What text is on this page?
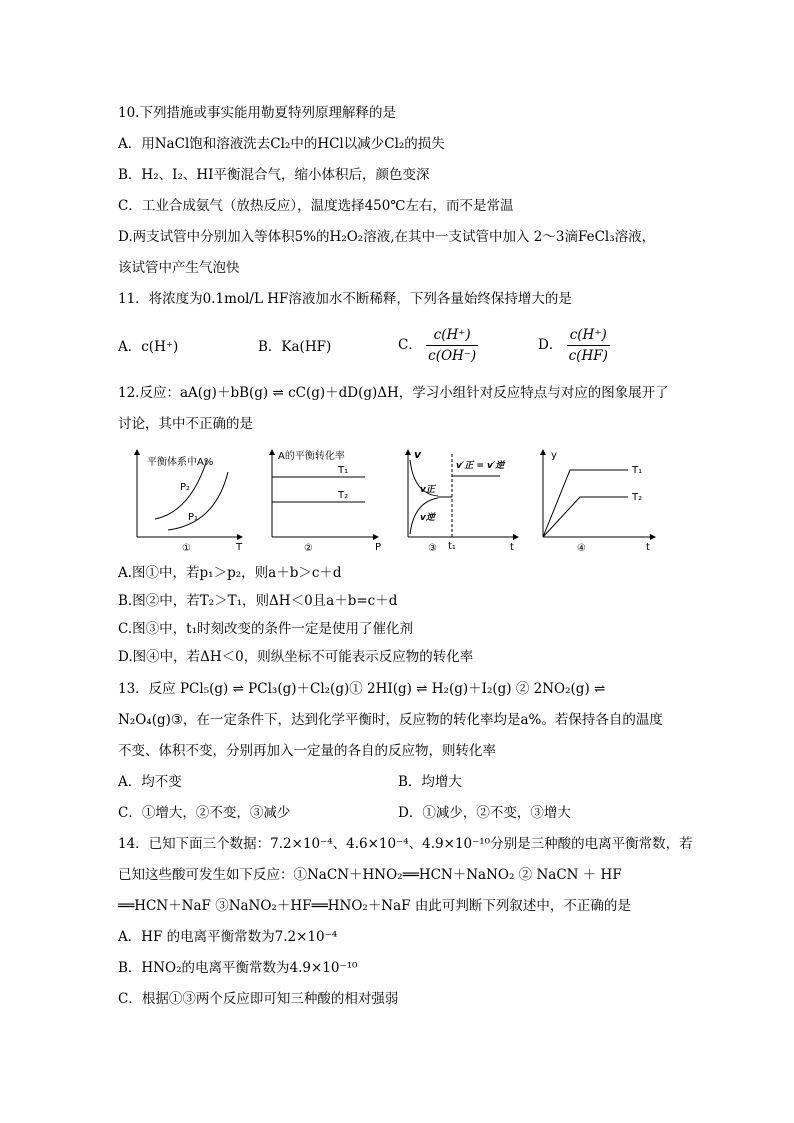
10.下列措施或事实能用勒夏特列原理解释的是
A．用NaCl饱和溶液洗去Cl₂中的HCl以减少Cl₂的损失
B．H₂、I₂、HI平衡混合气，缩小体积后，颜色变深
C．工业合成氨气（放热反应），温度选择450℃左右，而不是常温
D.两支试管中分别加入等体积5%的H₂O₂溶液,在其中一支试管中加入 2～3滴FeCl₃溶液，
该试管中产生气泡快
11．将浓度为0.1mol/L HF溶液加水不断稀释，下列各量始终保持增大的是
A．c(H⁺)	B．Ka(HF)	C． $\frac{c(H^+)}{c(OH^-)}$	D． $\frac{c(H^+)}{c(HF)}$
12.反应：aA(g)＋bB(g) ⇌ cC(g)＋dD(g)ΔH，学习小组针对反应特点与对应的图象展开了
讨论，其中不正确的是
平衡体系中A%
P₂
P₁
T
①
A的平衡转化率
T₁
T₂
P
②
v
v′正 = v′逆
v正
v逆
t₁	t
③
y
T₁
T₂
t
④
A.图①中，若p₁＞p₂，则a＋b＞c＋d
B.图②中，若T₂＞T₁，则ΔH＜0且a＋b=c＋d
C.图③中，t₁时刻改变的条件一定是使用了催化剂
D.图④中，若ΔH＜0，则纵坐标不可能表示反应物的转化率
13．反应 PCl₅(g) ⇌ PCl₃(g)＋Cl₂(g)① 2HI(g) ⇌ H₂(g)＋I₂(g) ② 2NO₂(g) ⇌
N₂O₄(g)③，在一定条件下，达到化学平衡时，反应物的转化率均是a%。若保持各自的温度
不变、体积不变，分别再加入一定量的各自的反应物，则转化率
A．均不变	B．均增大
C．①增大，②不变，③减少	D．①减少，②不变，③增大
14．已知下面三个数据：7.2×10⁻⁴、4.6×10⁻⁴、4.9×10⁻¹⁰分别是三种酸的电离平衡常数，若
已知这些酸可发生如下反应：①NaCN＋HNO₂══HCN＋NaNO₂ ② NaCN ＋ HF
══HCN＋NaF ③NaNO₂＋HF══HNO₂＋NaF 由此可判断下列叙述中，不正确的是
A．HF 的电离平衡常数为7.2×10⁻⁴
B．HNO₂的电离平衡常数为4.9×10⁻¹⁰
C．根据①③两个反应即可知三种酸的相对强弱
